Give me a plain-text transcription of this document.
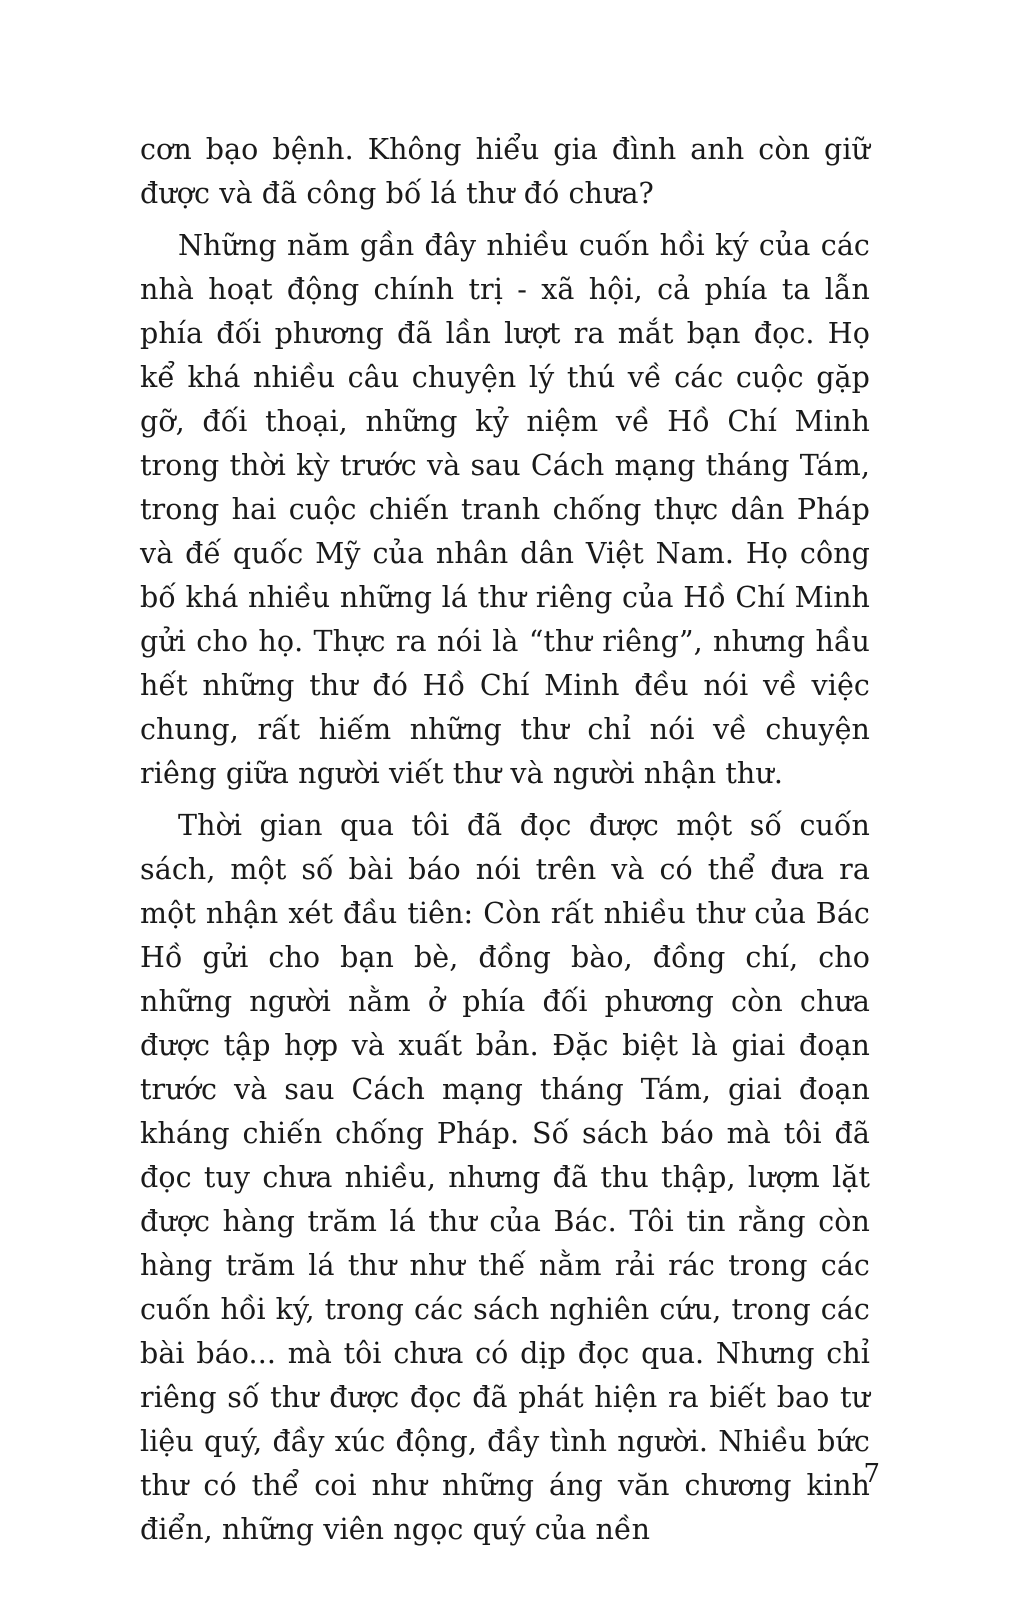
cơn bạo bệnh. Không hiểu gia đình anh còn giữ được và đã công bố lá thư đó chưa?

Những năm gần đây nhiều cuốn hồi ký của các nhà hoạt động chính trị - xã hội, cả phía ta lẫn phía đối phương đã lần lượt ra mắt bạn đọc. Họ kể khá nhiều câu chuyện lý thú về các cuộc gặp gỡ, đối thoại, những kỷ niệm về Hồ Chí Minh trong thời kỳ trước và sau Cách mạng tháng Tám, trong hai cuộc chiến tranh chống thực dân Pháp và đế quốc Mỹ của nhân dân Việt Nam. Họ công bố khá nhiều những lá thư riêng của Hồ Chí Minh gửi cho họ. Thực ra nói là “thư riêng”, nhưng hầu hết những thư đó Hồ Chí Minh đều nói về việc chung, rất hiếm những thư chỉ nói về chuyện riêng giữa người viết thư và người nhận thư.

Thời gian qua tôi đã đọc được một số cuốn sách, một số bài báo nói trên và có thể đưa ra một nhận xét đầu tiên: Còn rất nhiều thư của Bác Hồ gửi cho bạn bè, đồng bào, đồng chí, cho những người nằm ở phía đối phương còn chưa được tập hợp và xuất bản. Đặc biệt là giai đoạn trước và sau Cách mạng tháng Tám, giai đoạn kháng chiến chống Pháp. Số sách báo mà tôi đã đọc tuy chưa nhiều, nhưng đã thu thập, lượm lặt được hàng trăm lá thư của Bác. Tôi tin rằng còn hàng trăm lá thư như thế nằm rải rác trong các cuốn hồi ký, trong các sách nghiên cứu, trong các bài báo... mà tôi chưa có dịp đọc qua. Nhưng chỉ riêng số thư được đọc đã phát hiện ra biết bao tư liệu quý, đầy xúc động, đầy tình người. Nhiều bức thư có thể coi như những áng văn chương kinh điển, những viên ngọc quý của nền

7
